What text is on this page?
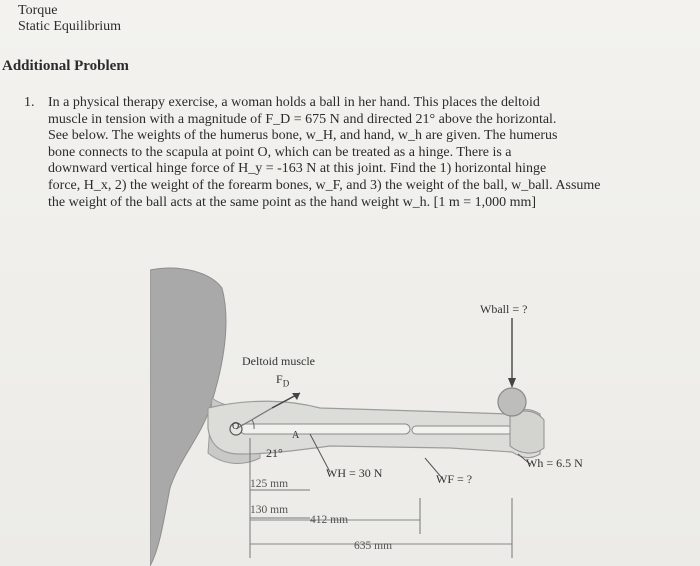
Torque
Static Equilibrium
Additional Problem
1. In a physical therapy exercise, a woman holds a ball in her hand. This places the deltoid
muscle in tension with a magnitude of F_D = 675 N and directed 21° above the horizontal.
See below. The weights of the humerus bone, w_H, and hand, w_h are given. The humerus
bone connects to the scapula at point O, which can be treated as a hinge. There is a
downward vertical hinge force of H_y = -163 N at this joint. Find the 1) horizontal hinge
force, H_x, 2) the weight of the forearm bones, w_F, and 3) the weight of the ball, w_ball. Assume
the weight of the ball acts at the same point as the hand weight w_h. [1 m = 1,000 mm]
Wball = ?
Deltoid muscle
$F_D$
O
A
21°
Wh = 6.5 N
WH = 30 N	WF = ?
125 mm
130 mm
412 mm
635 mm
